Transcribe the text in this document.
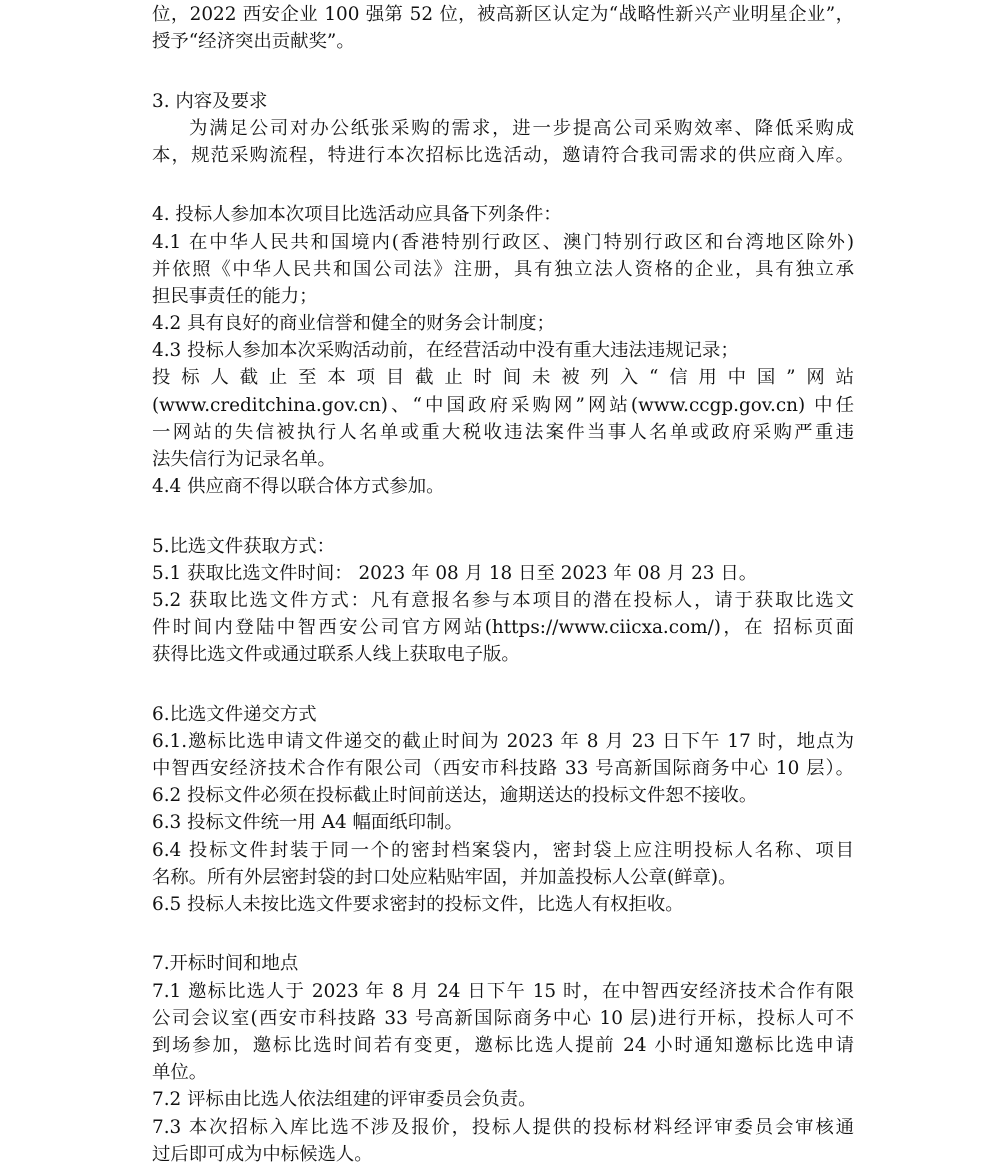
位，2022 西安企业 100 强第 52 位，被高新区认定为“战略性新兴产业明星企业”，
授予“经济突出贡献奖”。
3. 内容及要求
为满足公司对办公纸张采购的需求，进一步提高公司采购效率、降低采购成
本，规范采购流程，特进行本次招标比选活动，邀请符合我司需求的供应商入库。
4. 投标人参加本次项目比选活动应具备下列条件：
4.1 在中华人民共和国境内(香港特别行政区、澳门特别行政区和台湾地区除外)
并依照《中华人民共和国公司法》注册，具有独立法人资格的企业，具有独立承
担民事责任的能力；
4.2 具有良好的商业信誉和健全的财务会计制度；
4.3 投标人参加本次采购活动前，在经营活动中没有重大违法违规记录；
投标人截止至本项目截止时间未被列入“信用中国”网站
(www.creditchina.gov.cn)、“中国政府采购网”网站(www.ccgp.gov.cn) 中任
一网站的失信被执行人名单或重大税收违法案件当事人名单或政府采购严重违
法失信行为记录名单。
4.4 供应商不得以联合体方式参加。
5.比选文件获取方式：
5.1 获取比选文件时间： 2023 年 08 月 18 日至 2023 年 08 月 23 日。
5.2 获取比选文件方式：凡有意报名参与本项目的潜在投标人，请于获取比选文
件时间内登陆中智西安公司官方网站(https://www.ciicxa.com/)，在 招标页面
获得比选文件或通过联系人线上获取电子版。
6.比选文件递交方式
6.1.邀标比选申请文件递交的截止时间为 2023 年 8 月 23 日下午 17 时，地点为
中智西安经济技术合作有限公司（西安市科技路 33 号高新国际商务中心 10 层）。
6.2 投标文件必须在投标截止时间前送达，逾期送达的投标文件恕不接收。
6.3 投标文件统一用 A4 幅面纸印制。
6.4 投标文件封装于同一个的密封档案袋内，密封袋上应注明投标人名称、项目
名称。所有外层密封袋的封口处应粘贴牢固，并加盖投标人公章(鲜章)。
6.5 投标人未按比选文件要求密封的投标文件，比选人有权拒收。
7.开标时间和地点
7.1 邀标比选人于 2023 年 8 月 24 日下午 15 时，在中智西安经济技术合作有限
公司会议室(西安市科技路 33 号高新国际商务中心 10 层)进行开标，投标人可不
到场参加，邀标比选时间若有变更，邀标比选人提前 24 小时通知邀标比选申请
单位。
7.2 评标由比选人依法组建的评审委员会负责。
7.3 本次招标入库比选不涉及报价，投标人提供的投标材料经评审委员会审核通
过后即可成为中标候选人。
